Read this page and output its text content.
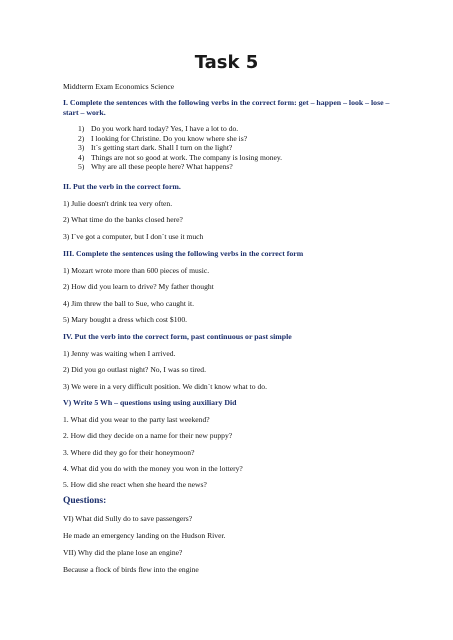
Task 5
Middterm Exam Economics Science
I. Complete the sentences with the following verbs in the correct form: get – happen – look – lose – start – work.
1) Do you work hard today? Yes, I have a lot to do.
2) I looking for Christine. Do you know where she is?
3) It´s getting start dark. Shall I turn on the light?
4) Things are not so good at work. The company is losing money.
5) Why are all these people here? What happens?
II. Put the verb in the correct form.
1) Julie doesn't drink tea very often.
2) What time do the banks closed here?
3) I´ve got a computer, but I don´t use it much
III. Complete the sentences using the following verbs in the correct form
1) Mozart wrote more than 600 pieces of music.
2) How did you learn to drive? My father thought
4) Jim threw the ball to Sue, who caught it.
5) Mary bought a dress which cost $100.
IV. Put the verb into the correct form, past continuous or past simple
1) Jenny was waiting when I arrived.
2) Did you go outlast night? No, I was so tired.
3) We were in a very difficult position. We didn´t know what to do.
V) Write 5 Wh – questions using using auxiliary Did
1. What did you wear to the party last weekend?
2. How did they decide on a name for their new puppy?
3. Where did they go for their honeymoon?
4. What did you do with the money you won in the lottery?
5. How did she react when she heard the news?
Questions:
VI) What did Sully do to save passengers?
He made an emergency landing on the Hudson River.
VII) Why did the plane lose an engine?
Because a flock of birds flew into the engine
